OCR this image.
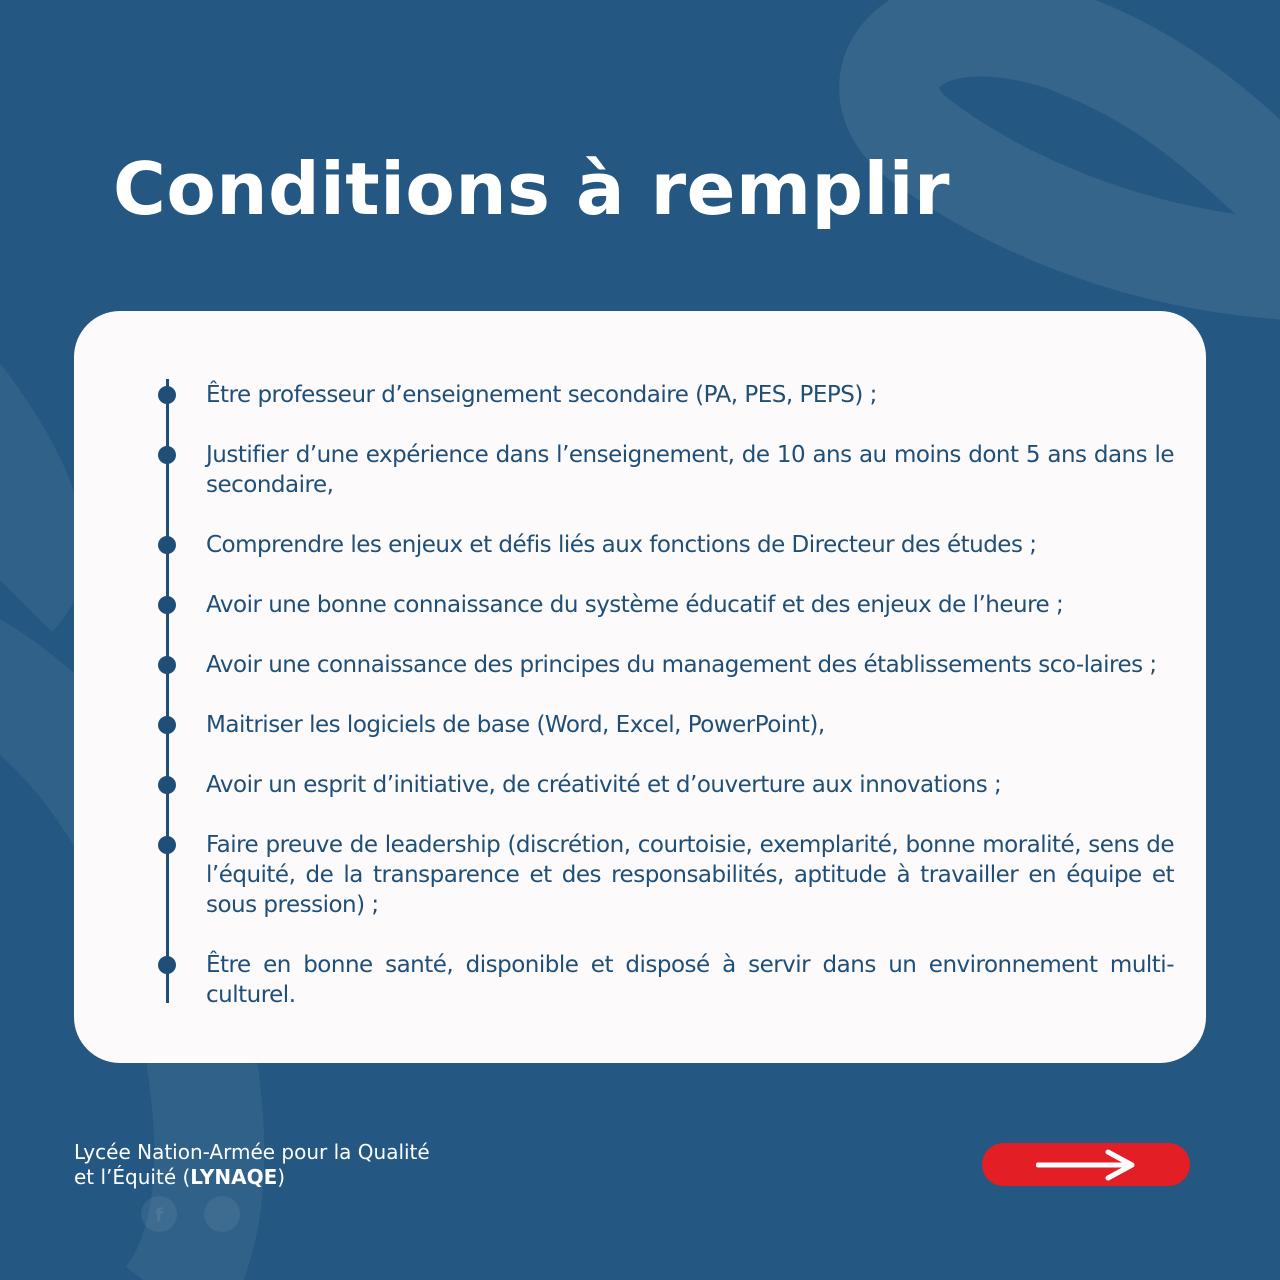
Conditions à remplir
Être professeur d’enseignement secondaire (PA, PES, PEPS) ;
Justifier d’une expérience dans l’enseignement, de 10 ans au moins dont 5 ans dans le secondaire,
Comprendre les enjeux et défis liés aux fonctions de Directeur des études ;
Avoir une bonne connaissance du système éducatif et des enjeux de l’heure ;
Avoir une connaissance des principes du management des établissements sco-laires ;
Maitriser les logiciels de base (Word, Excel, PowerPoint),
Avoir un esprit d’initiative, de créativité et d’ouverture aux innovations ;
Faire preuve de leadership (discrétion, courtoisie, exemplarité, bonne moralité, sens de l’équité, de la transparence et des responsabilités, aptitude à travailler en équipe et sous pression) ;
Être en bonne santé, disponible et disposé à servir dans un environnement multi-culturel.
Lycée Nation-Armée pour la Qualité
et l’Équité (LYNAQE)
f
